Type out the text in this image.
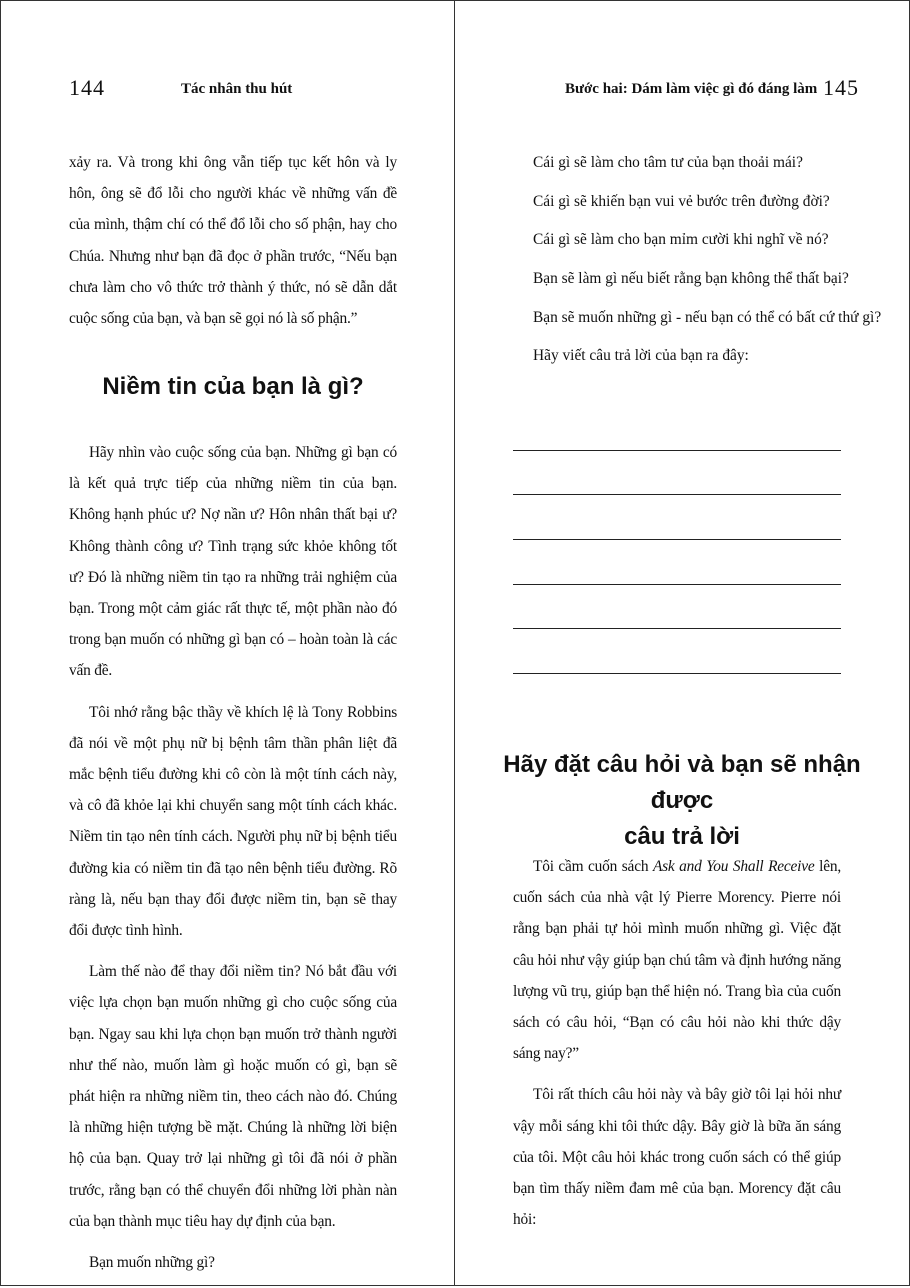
144	Tác nhân thu hút

xảy ra. Và trong khi ông vẫn tiếp tục kết hôn và ly hôn, ông sẽ đổ lỗi cho người khác về những vấn đề của mình, thậm chí có thể đổ lỗi cho số phận, hay cho Chúa. Nhưng như bạn đã đọc ở phần trước, “Nếu bạn chưa làm cho vô thức trở thành ý thức, nó sẽ dẫn dắt cuộc sống của bạn, và bạn sẽ gọi nó là số phận.”

Niềm tin của bạn là gì?

Hãy nhìn vào cuộc sống của bạn. Những gì bạn có là kết quả trực tiếp của những niềm tin của bạn. Không hạnh phúc ư? Nợ nần ư? Hôn nhân thất bại ư? Không thành công ư? Tình trạng sức khỏe không tốt ư? Đó là những niềm tin tạo ra những trải nghiệm của bạn. Trong một cảm giác rất thực tế, một phần nào đó trong bạn muốn có những gì bạn có – hoàn toàn là các vấn đề.

Tôi nhớ rằng bậc thầy về khích lệ là Tony Robbins đã nói về một phụ nữ bị bệnh tâm thần phân liệt đã mắc bệnh tiểu đường khi cô còn là một tính cách này, và cô đã khỏe lại khi chuyển sang một tính cách khác. Niềm tin tạo nên tính cách. Người phụ nữ bị bệnh tiểu đường kia có niềm tin đã tạo nên bệnh tiểu đường. Rõ ràng là, nếu bạn thay đổi được niềm tin, bạn sẽ thay đổi được tình hình.

Làm thế nào để thay đổi niềm tin? Nó bắt đầu với việc lựa chọn bạn muốn những gì cho cuộc sống của bạn. Ngay sau khi lựa chọn bạn muốn trở thành người như thế nào, muốn làm gì hoặc muốn có gì, bạn sẽ phát hiện ra những niềm tin, theo cách nào đó. Chúng là những hiện tượng bề mặt. Chúng là những lời biện hộ của bạn. Quay trở lại những gì tôi đã nói ở phần trước, rằng bạn có thể chuyển đổi những lời phàn nàn của bạn thành mục tiêu hay dự định của bạn.

Bạn muốn những gì?

Bước hai: Dám làm việc gì đó đáng làm 145
Cái gì sẽ làm cho tâm tư của bạn thoải mái?
Cái gì sẽ khiến bạn vui vẻ bước trên đường đời?
Cái gì sẽ làm cho bạn mỉm cười khi nghĩ về nó?
Bạn sẽ làm gì nếu biết rằng bạn không thể thất bại?
Bạn sẽ muốn những gì - nếu bạn có thể có bất cứ thứ gì?
Hãy viết câu trả lời của bạn ra đây:
Hãy đặt câu hỏi và bạn sẽ nhận được
câu trả lời

Tôi cầm cuốn sách Ask and You Shall Receive lên, cuốn sách của nhà vật lý Pierre Morency. Pierre nói rằng bạn phải tự hỏi mình muốn những gì. Việc đặt câu hỏi như vậy giúp bạn chú tâm và định hướng năng lượng vũ trụ, giúp bạn thể hiện nó. Trang bìa của cuốn sách có câu hỏi, “Bạn có câu hỏi nào khi thức dậy sáng nay?”

Tôi rất thích câu hỏi này và bây giờ tôi lại hỏi như vậy mỗi sáng khi tôi thức dậy. Bây giờ là bữa ăn sáng của tôi. Một câu hỏi khác trong cuốn sách có thể giúp bạn tìm thấy niềm đam mê của bạn. Morency đặt câu hỏi:
